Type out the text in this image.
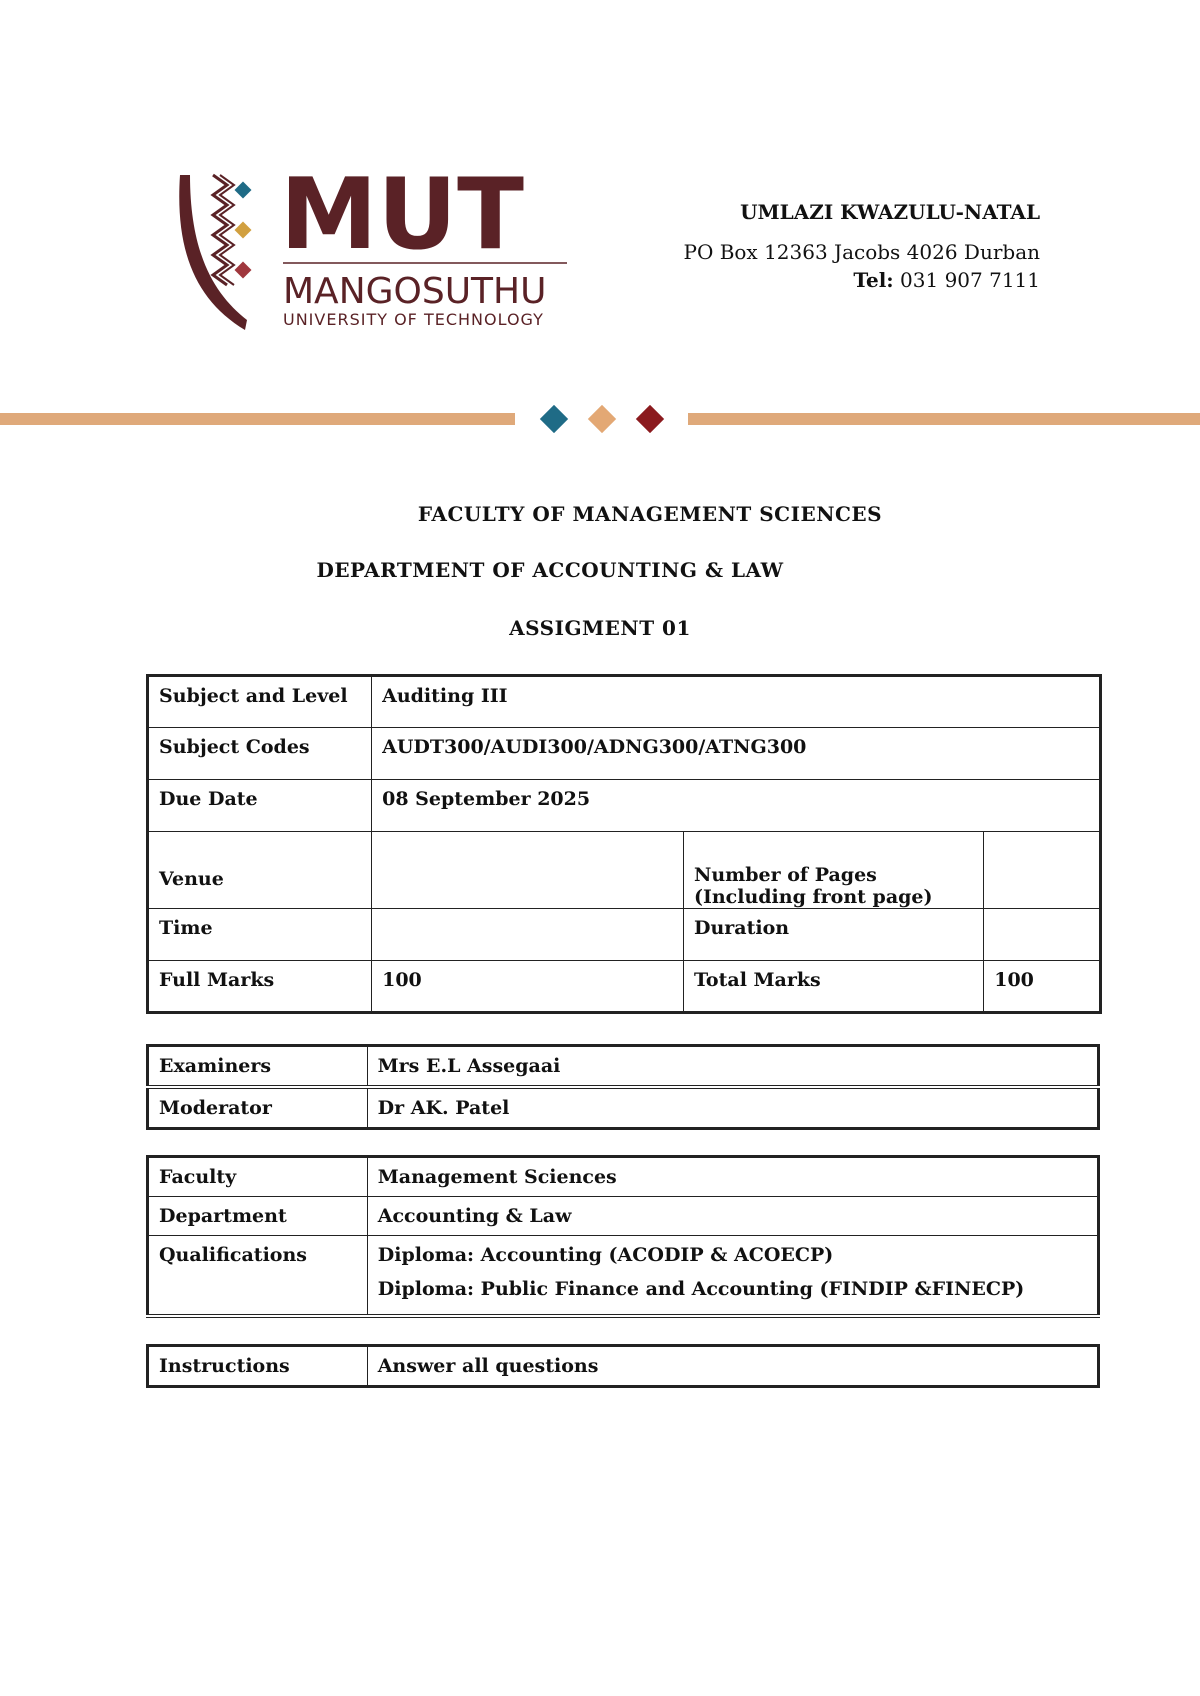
MUT
MANGOSUTHU
UNIVERSITY OF TECHNOLOGY
UMLAZI KWAZULU-NATAL
PO Box 12363 Jacobs 4026 Durban
Tel: 031 907 7111
FACULTY OF MANAGEMENT SCIENCES
DEPARTMENT OF ACCOUNTING & LAW
ASSIGMENT 01
Subject and Level	Auditing III		
Subject Codes	AUDT300/AUDI300/ADNG300/ATNG300		
Due Date	08 September 2025		
Venue		Number of Pages
(Including front page)	

Time		Duration	
Full Marks	100	Total Marks	100
Examiners	Mrs E.L Assegaai
Moderator	Dr AK. Patel
Faculty	Management Sciences
Department	Accounting & Law
Qualifications	Diploma: Accounting (ACODIP & ACOECP)
Diploma: Public Finance and Accounting (FINDIP &FINECP)
Instructions	Answer all questions
